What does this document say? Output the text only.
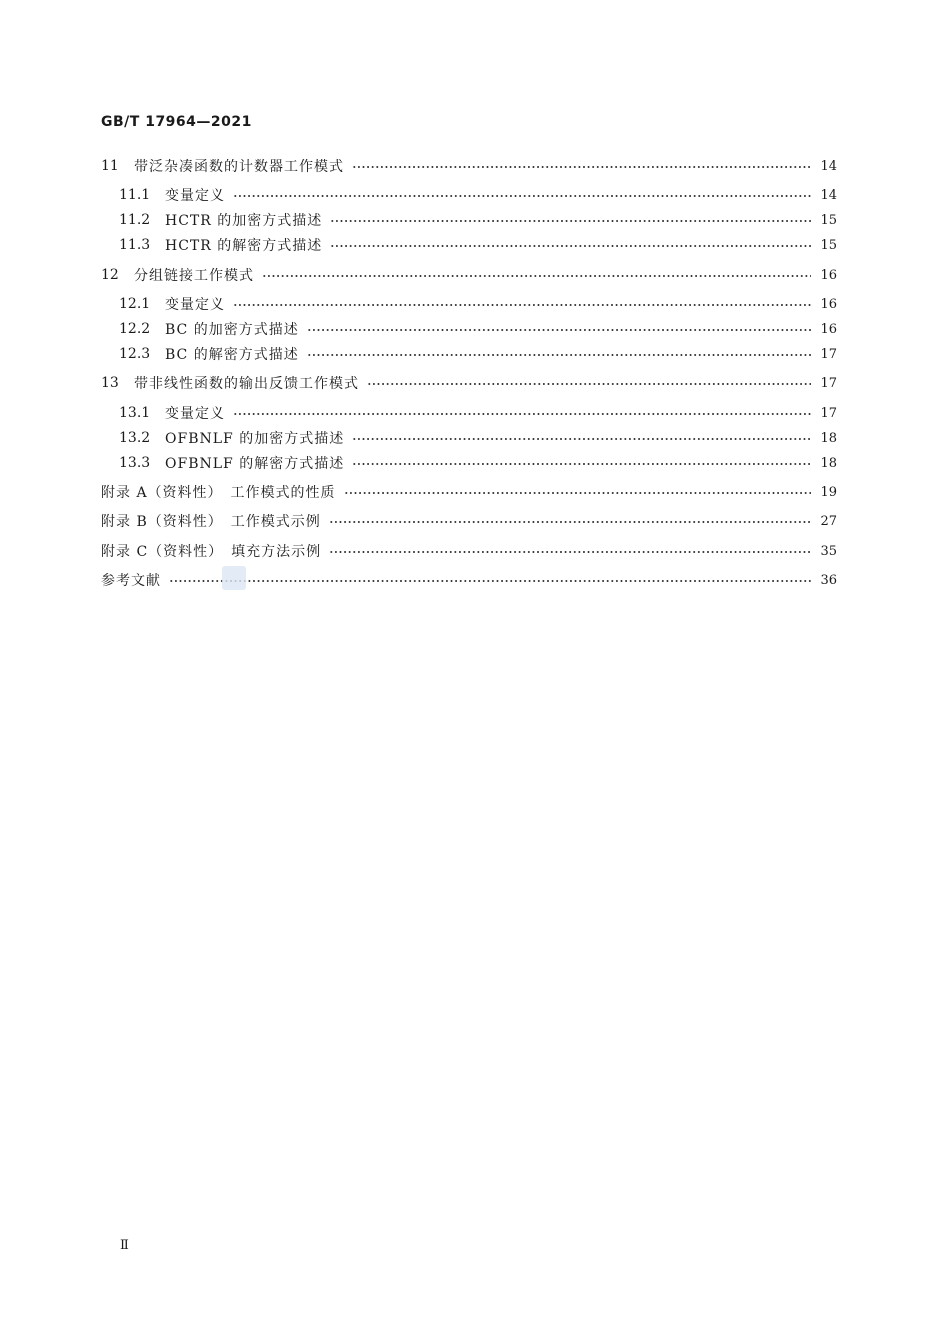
GB/T 17964—2021
11	带泛杂凑函数的计数器工作模式	14
11.1	变量定义	14
11.2	HCTR 的加密方式描述	15
11.3	HCTR 的解密方式描述	15
12	分组链接工作模式	16
12.1	变量定义	16
12.2	BC 的加密方式描述	16
12.3	BC 的解密方式描述	17
13	带非线性函数的输出反馈工作模式	17
13.1	变量定义	17
13.2	OFBNLF 的加密方式描述	18
13.3	OFBNLF 的解密方式描述	18
附录 A（资料性）　工作模式的性质	19
附录 B（资料性）　工作模式示例	27
附录 C（资料性）　填充方法示例	35
参考文献	36
Ⅱ
